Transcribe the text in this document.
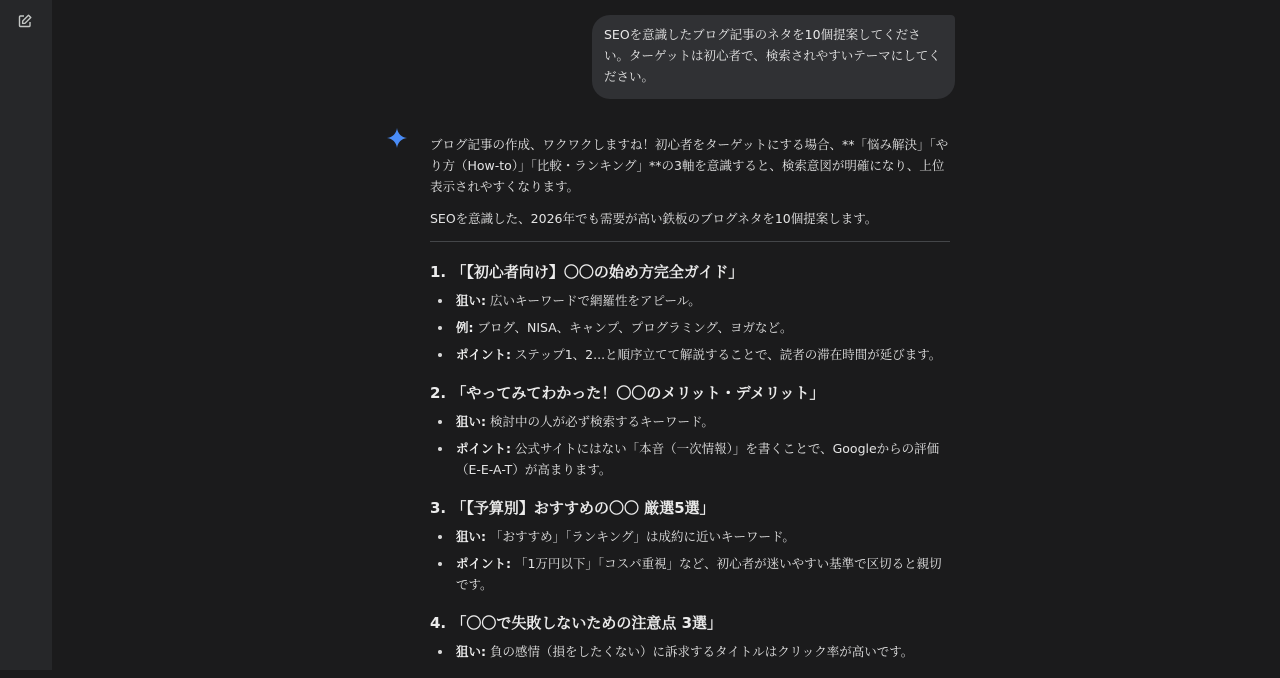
SEOを意識したブログ記事のネタを10個提案してください。ターゲットは初心者で、検索されやすいテーマにしてください。

ブログ記事の作成、ワクワクしますね！初心者をターゲットにする場合、**「悩み解決」「やり方（How-to）」「比較・ランキング」**の3軸を意識すると、検索意図が明確になり、上位表示されやすくなります。

SEOを意識した、2026年でも需要が高い鉄板のブログネタを10個提案します。

1. 「【初心者向け】〇〇の始め方完全ガイド」
狙い: 広いキーワードで網羅性をアピール。
例: ブログ、NISA、キャンプ、プログラミング、ヨガなど。
ポイント: ステップ1、2...と順序立てて解説することで、読者の滞在時間が延びます。
2. 「やってみてわかった！〇〇のメリット・デメリット」
狙い: 検討中の人が必ず検索するキーワード。
ポイント: 公式サイトにはない「本音（一次情報）」を書くことで、Googleからの評価（E-E-A-T）が高まります。
3. 「【予算別】おすすめの〇〇 厳選5選」
狙い: 「おすすめ」「ランキング」は成約に近いキーワード。
ポイント: 「1万円以下」「コスパ重視」など、初心者が迷いやすい基準で区切ると親切です。
4. 「〇〇で失敗しないための注意点 3選」
狙い: 負の感情（損をしたくない）に訴求するタイトルはクリック率が高いです。
